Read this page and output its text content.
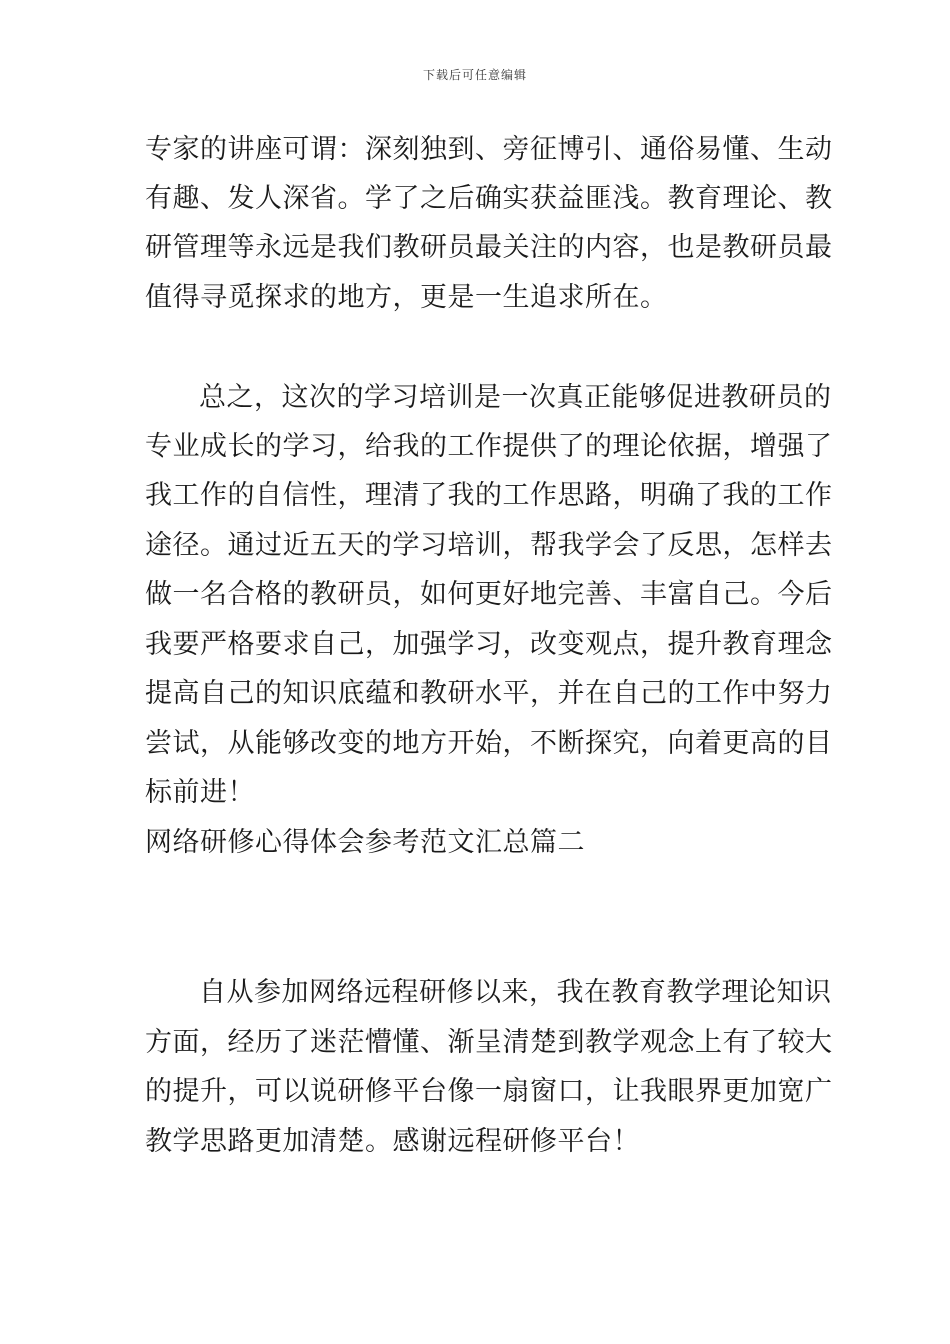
下载后可任意编辑
专家的讲座可谓：深刻独到、旁征博引、通俗易懂、生动
有趣、发人深省。学了之后确实获益匪浅。教育理论、教
研管理等永远是我们教研员最关注的内容，也是教研员最
值得寻觅探求的地方，更是一生追求所在。
总之，这次的学习培训是一次真正能够促进教研员的
专业成长的学习，给我的工作提供了的理论依据，增强了
我工作的自信性，理清了我的工作思路，明确了我的工作
途径。通过近五天的学习培训，帮我学会了反思，怎样去
做一名合格的教研员，如何更好地完善、丰富自己。今后
我要严格要求自己，加强学习，改变观点，提升教育理念
提高自己的知识底蕴和教研水平，并在自己的工作中努力
尝试，从能够改变的地方开始，不断探究，向着更高的目
标前进！
网络研修心得体会参考范文汇总篇二
自从参加网络远程研修以来，我在教育教学理论知识
方面，经历了迷茫懵懂、渐呈清楚到教学观念上有了较大
的提升，可以说研修平台像一扇窗口，让我眼界更加宽广
教学思路更加清楚。感谢远程研修平台！
